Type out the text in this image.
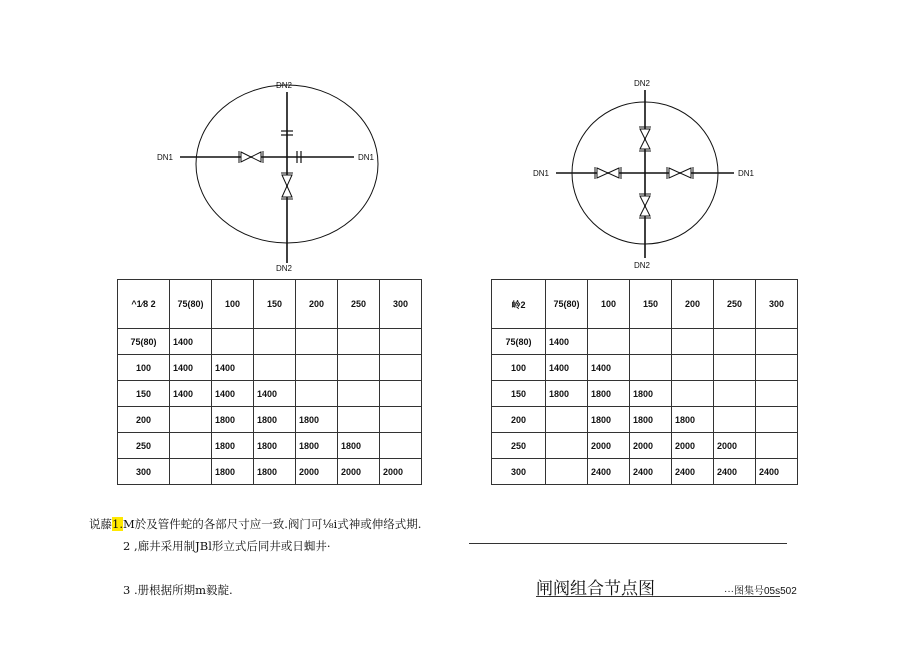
DN2
DN2
DN1	DN1
DN2
DN2
DN1	DN1
^1⁄8 2	75(80)	100	150	200	250	300
75(80)	1400					
100	1400	1400				
150	1400	1400	1400			
200		1800	1800	1800		
250		1800	1800	1800	1800	
300		1800	1800	2000	2000	2000
岭2	75(80)	100	150	200	250	300
75(80)	1400					
100	1400	1400				
150	1800	1800	1800			
200		1800	1800	1800		
250		2000	2000	2000	2000	
300		2400	2400	2400	2400	2400
说藤1.M於及管件蛇的各部尺寸应一致.阀门可⅛i式神或伸络式期.
2 ,廊井采用制JBl形立式后同井或日蜘井·
3 .册根据所期m毅靛.	闸阀组合节点图	···图集号05s502
